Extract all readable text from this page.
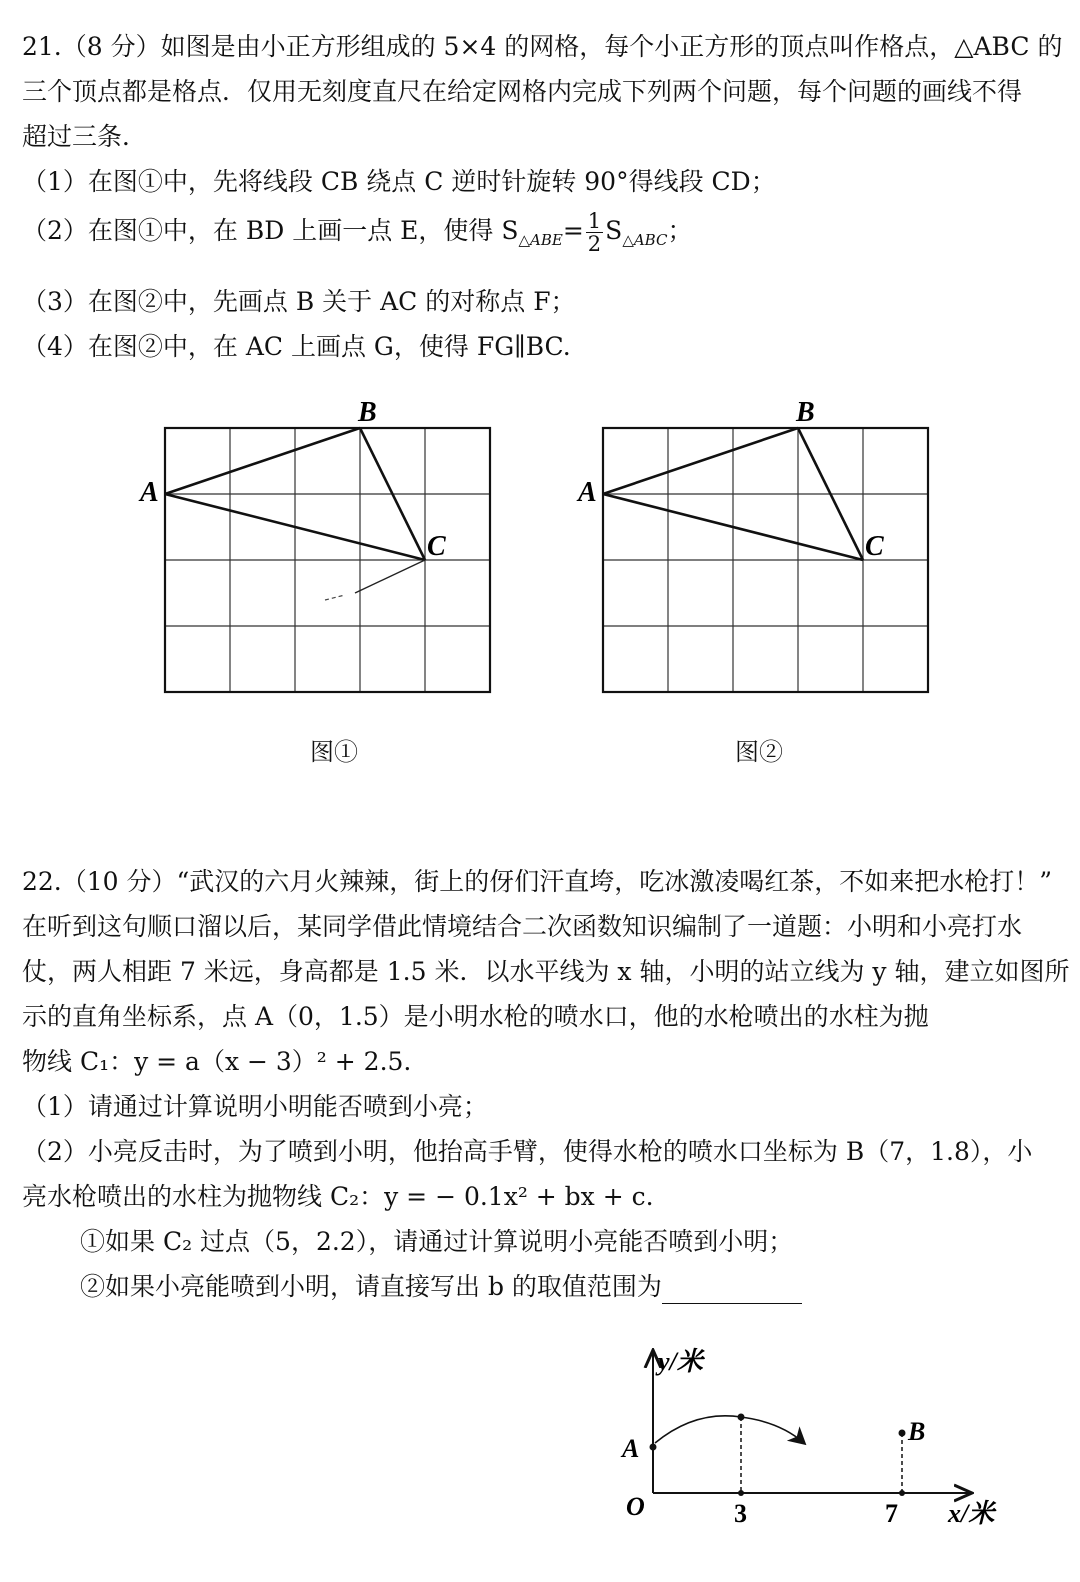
21.（8 分）如图是由小正方形组成的 5×4 的网格，每个小正方形的顶点叫作格点，△ABC 的
三个顶点都是格点．仅用无刻度直尺在给定网格内完成下列两个问题，每个问题的画线不得
超过三条．
（1）在图①中，先将线段 CB 绕点 C 逆时针旋转 90°得线段 CD；
（2）在图①中，在 BD 上画一点 E，使得 $S_{\triangle ABE}= \frac{1}{2} S_{\triangle ABC}$；
（3）在图②中，先画点 B 关于 AC 的对称点 F；
（4）在图②中，在 AC 上画点 G，使得 FG∥BC.
B
A
C
图①
B
A
C
图②
22.（10 分）“武汉的六月火辣辣，街上的伢们汗直垮，吃冰激凌喝红茶，不如来把水枪打！”
在听到这句顺口溜以后，某同学借此情境结合二次函数知识编制了一道题：小明和小亮打水
仗，两人相距 7 米远，身高都是 1.5 米．以水平线为 x 轴，小明的站立线为 y 轴，建立如图所
示的直角坐标系，点 A（0，1.5）是小明水枪的喷水口，他的水枪喷出的水柱为抛
物线 C₁：y = a（x − 3）² + 2.5.
（1）请通过计算说明小明能否喷到小亮；
（2）小亮反击时，为了喷到小明，他抬高手臂，使得水枪的喷水口坐标为 B（7，1.8），小
亮水枪喷出的水柱为抛物线 C₂：y = − 0.1x² + bx + c.
①如果 C₂ 过点（5，2.2），请通过计算说明小亮能否喷到小明；
②如果小亮能喷到小明，请直接写出 b 的取值范围为
y/米
x/米
O	3	7
A
B
